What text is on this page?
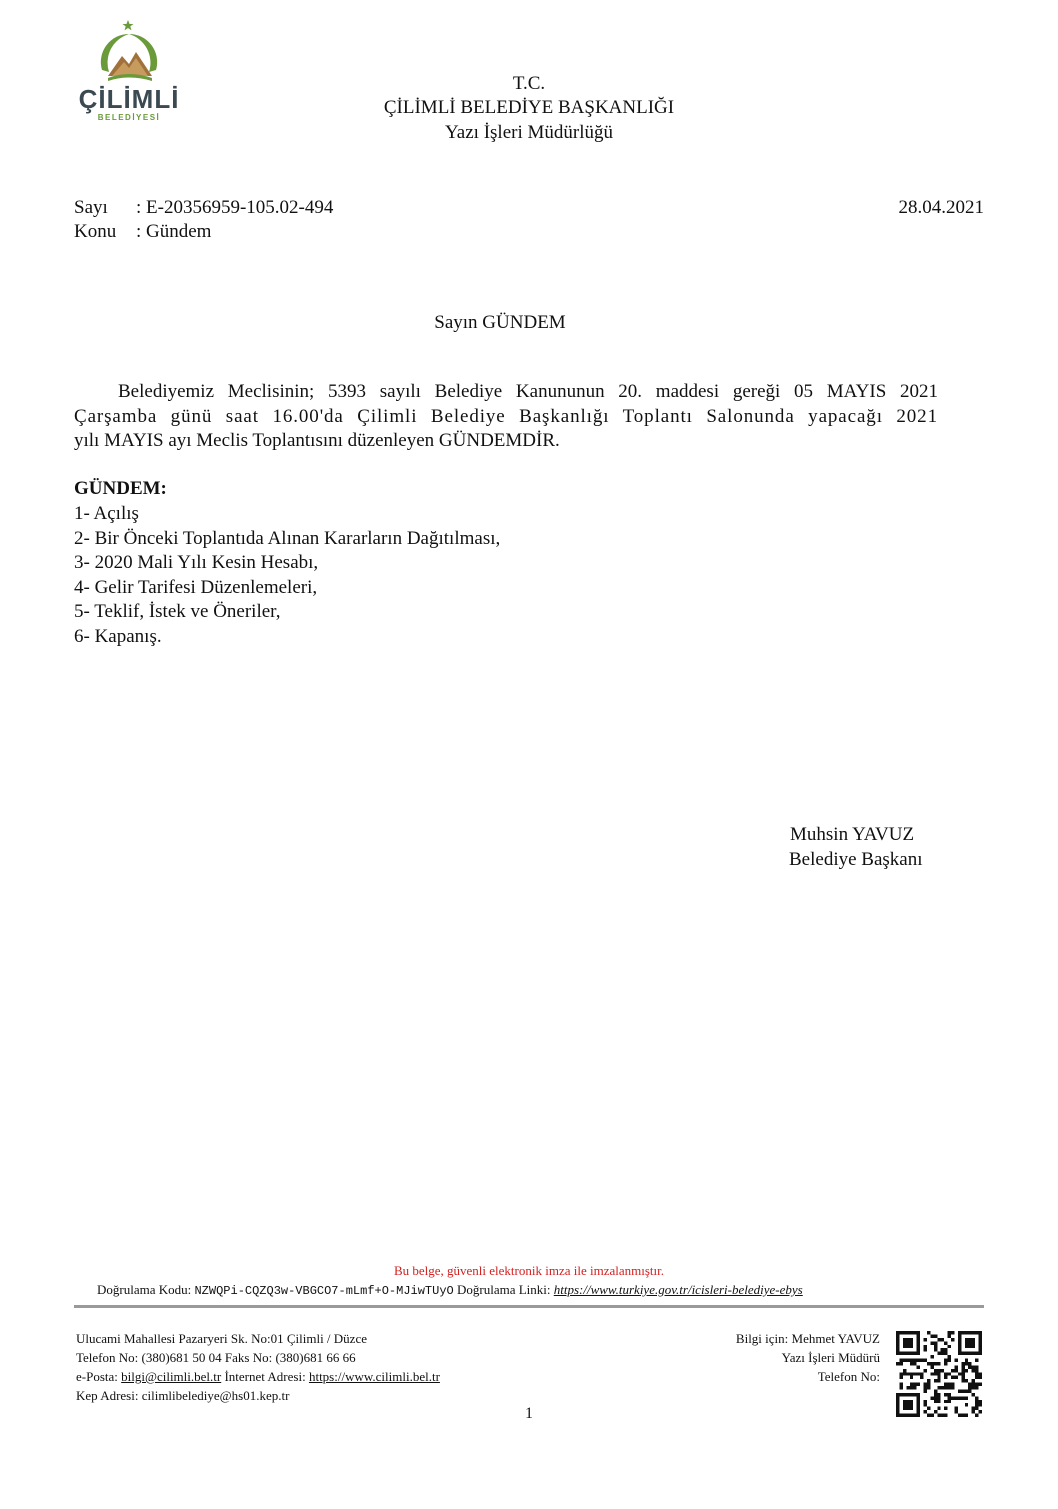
ÇİLİMLİ
BELEDİYESİ
T.C.
ÇİLİMLİ BELEDİYE BAŞKANLIĞI
Yazı İşleri Müdürlüğü
Sayı : E-20356959-105.02-494	28.04.2021
Konu : Gündem
Sayın GÜNDEM
Belediyemiz Meclisinin; 5393 sayılı Belediye Kanununun 20. maddesi gereği 05 MAYIS 2021
Çarşamba günü saat 16.00'da Çilimli Belediye Başkanlığı Toplantı Salonunda yapacağı 2021
yılı MAYIS ayı Meclis Toplantısını düzenleyen GÜNDEMDİR.
GÜNDEM:
1- Açılış
2- Bir Önceki Toplantıda Alınan Kararların Dağıtılması,
3- 2020 Mali Yılı Kesin Hesabı,
4- Gelir Tarifesi Düzenlemeleri,
5- Teklif, İstek ve Öneriler,
6- Kapanış.
Muhsin YAVUZ
Belediye Başkanı
Bu belge, güvenli elektronik imza ile imzalanmıştır.
Doğrulama Kodu: NZWQPi-CQZQ3w-VBGCO7-mLmf+O-MJiwTUyO Doğrulama Linki: https://www.turkiye.gov.tr/icisleri-belediye-ebys
Ulucami Mahallesi Pazaryeri Sk. No:01 Çilimli / Düzce
Telefon No: (380)681 50 04 Faks No: (380)681 66 66
e-Posta: bilgi@cilimli.bel.tr İnternet Adresi: https://www.cilimli.bel.tr
Kep Adresi: cilimlibelediye@hs01.kep.tr
Bilgi için: Mehmet YAVUZ
Yazı İşleri Müdürü
Telefon No:
1
